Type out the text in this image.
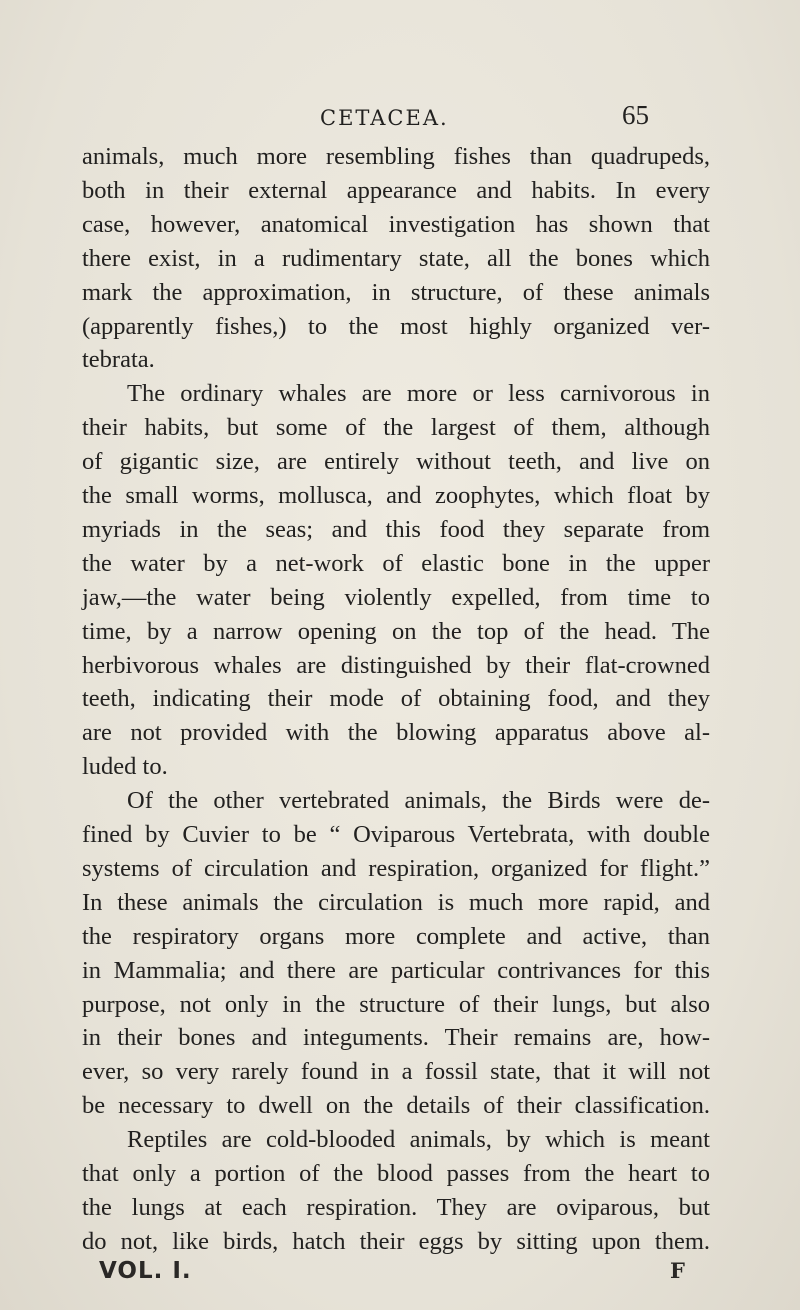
CETACEA.	65
animals, much more resembling fishes than quadrupeds,
both in their external appearance and habits. In every
case, however, anatomical investigation has shown that
there exist, in a rudimentary state, all the bones which
mark the approximation, in structure, of these animals
(apparently fishes,) to the most highly organized ver-
tebrata.
The ordinary whales are more or less carnivorous in
their habits, but some of the largest of them, although
of gigantic size, are entirely without teeth, and live on
the small worms, mollusca, and zoophytes, which float by
myriads in the seas; and this food they separate from
the water by a net-work of elastic bone in the upper
jaw,—the water being violently expelled, from time to
time, by a narrow opening on the top of the head. The
herbivorous whales are distinguished by their flat-crowned
teeth, indicating their mode of obtaining food, and they
are not provided with the blowing apparatus above al-
luded to.
Of the other vertebrated animals, the Birds were de-
fined by Cuvier to be “ Oviparous Vertebrata, with double
systems of circulation and respiration, organized for flight.”
In these animals the circulation is much more rapid, and
the respiratory organs more complete and active, than
in Mammalia; and there are particular contrivances for this
purpose, not only in the structure of their lungs, but also
in their bones and integuments. Their remains are, how-
ever, so very rarely found in a fossil state, that it will not
be necessary to dwell on the details of their classification.
Reptiles are cold-blooded animals, by which is meant
that only a portion of the blood passes from the heart to
the lungs at each respiration. They are oviparous, but
do not, like birds, hatch their eggs by sitting upon them.
VOL. I.	F
